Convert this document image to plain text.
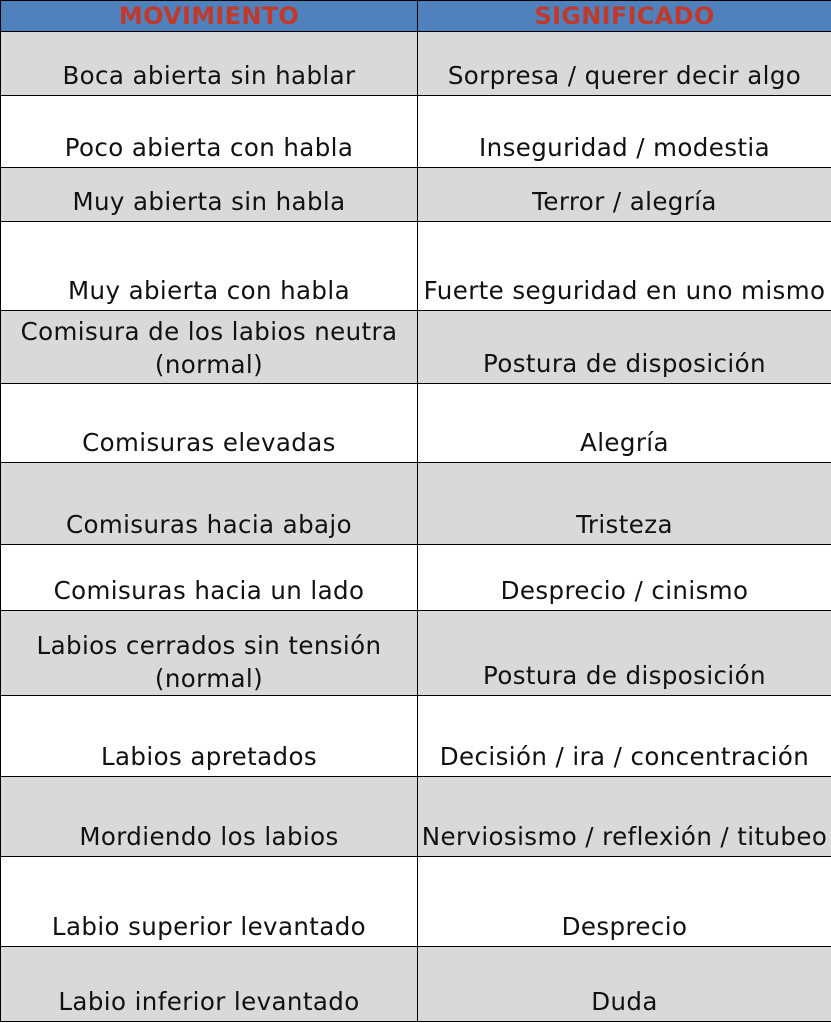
MOVIMIENTO	SIGNIFICADO
Boca abierta sin hablar	Sorpresa / querer decir algo
Poco abierta con habla	Inseguridad / modestia
Muy abierta sin habla	Terror / alegría
Muy abierta con habla	Fuerte seguridad en uno mismo
Comisura de los labios neutra (normal)	Postura de disposición
Comisuras elevadas	Alegría
Comisuras hacia abajo	Tristeza
Comisuras hacia un lado	Desprecio / cinismo
Labios cerrados sin tensión (normal)	Postura de disposición
Labios apretados	Decisión / ira / concentración
Mordiendo los labios	Nerviosismo / reflexión / titubeo
Labio superior levantado	Desprecio
Labio inferior levantado	Duda
